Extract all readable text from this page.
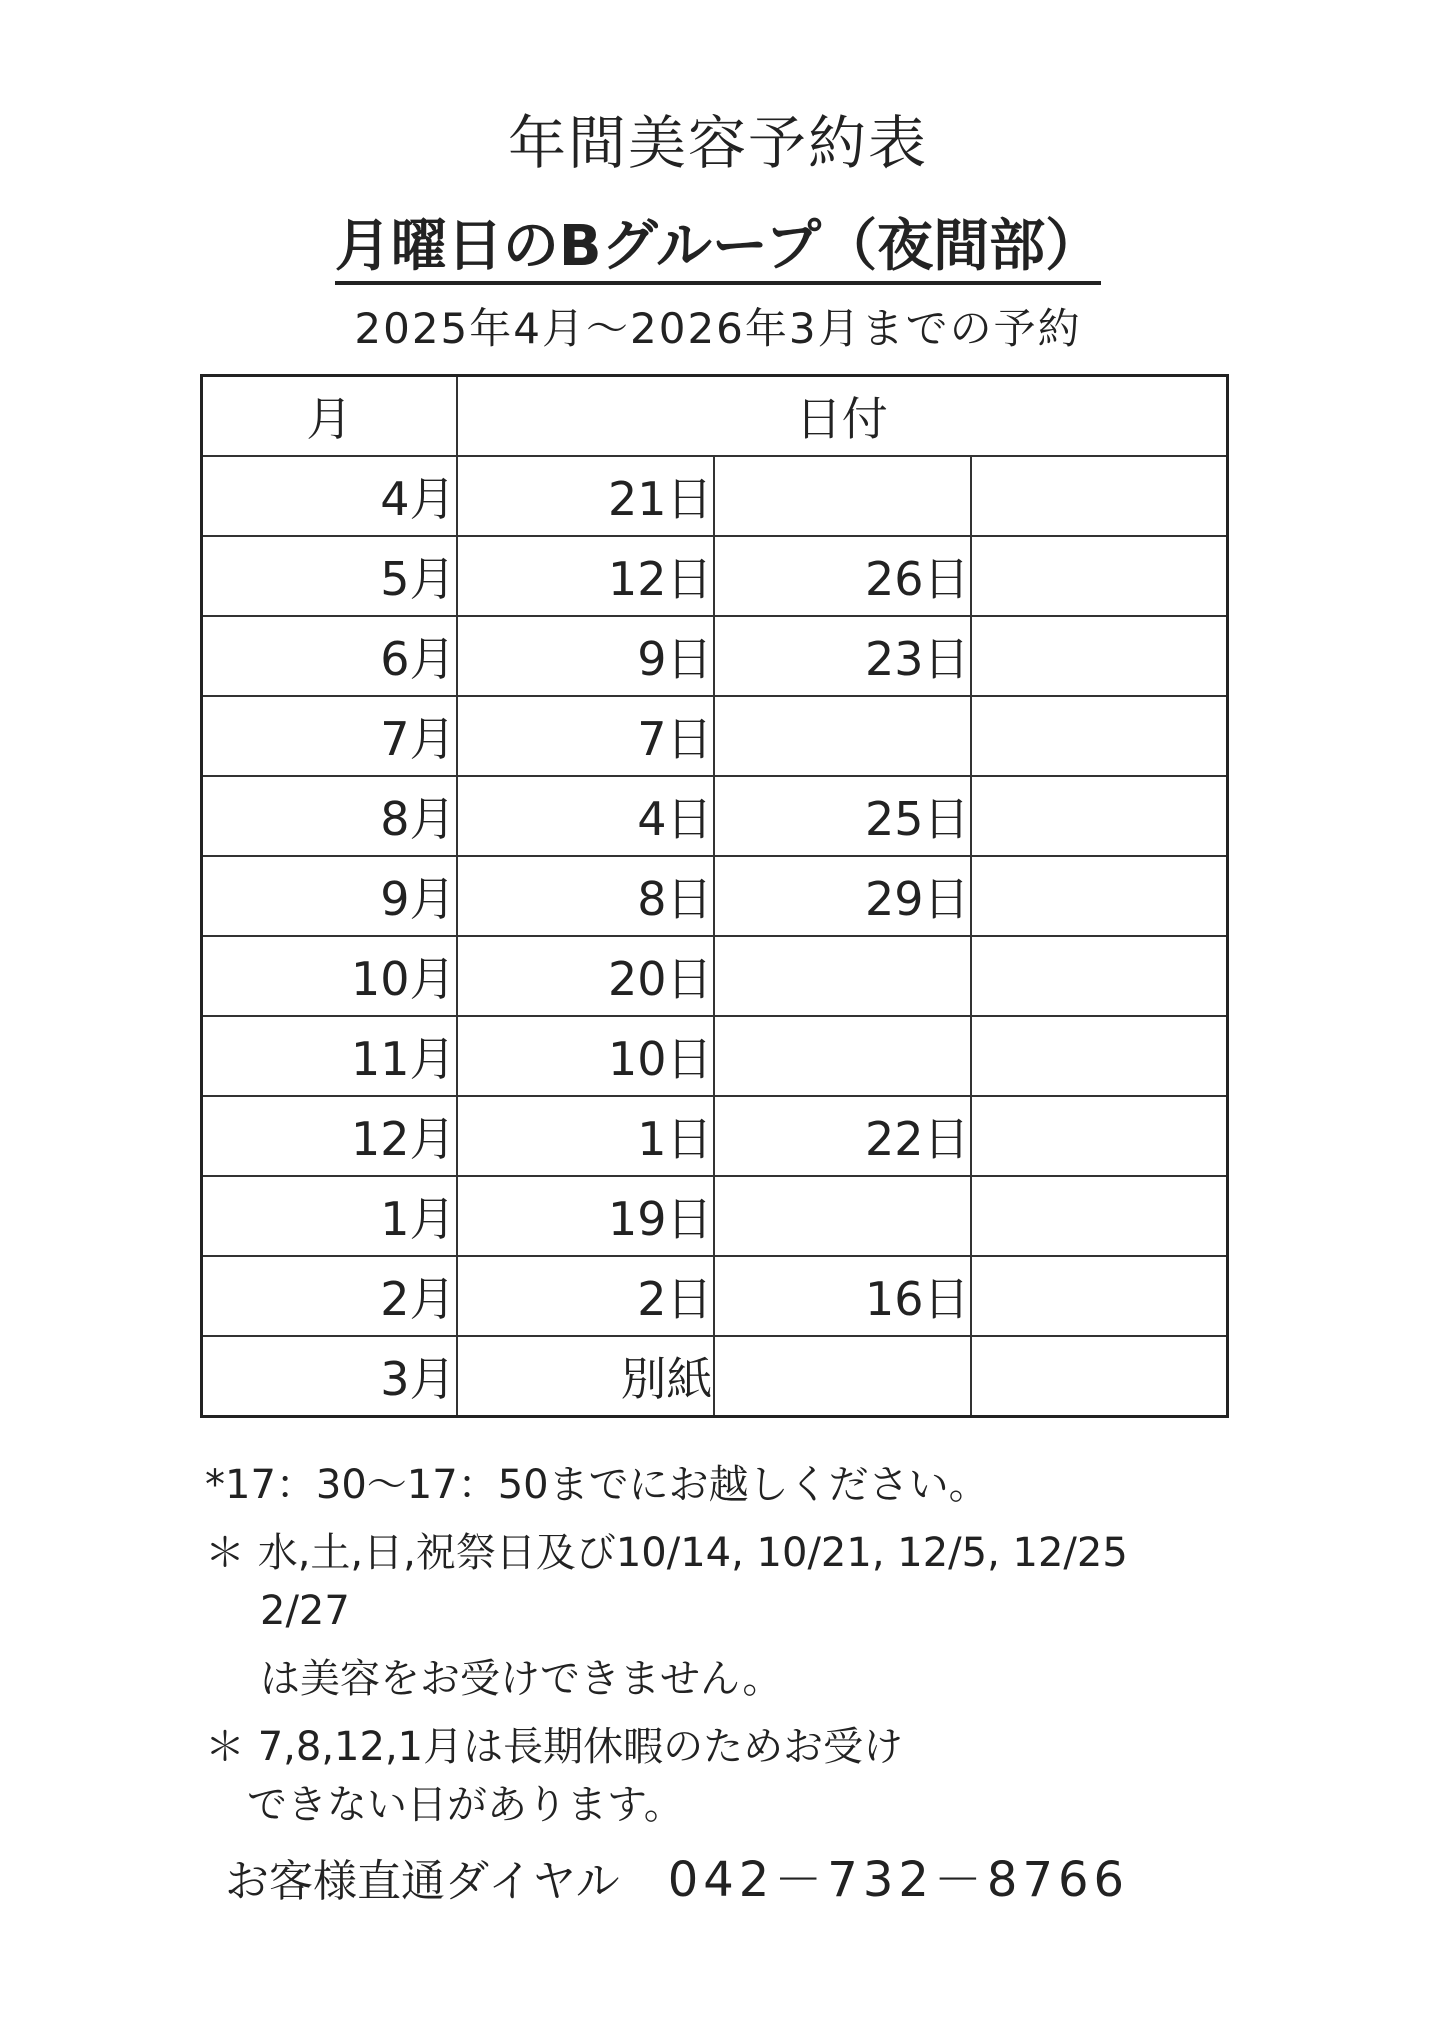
年間美容予約表
月曜日のBグループ（夜間部）
2025年4月～2026年3月までの予約
月	日付		
4月	21日		
5月	12日	26日	
6月	9日	23日	
7月	7日		
8月	4日	25日	
9月	8日	29日	
10月	20日		
11月	10日		
12月	1日	22日	
1月	19日		
2月	2日	16日	
3月	別紙		

*17：30～17：50までにお越しください。

＊ 水,土,日,祝祭日及び10/14, 10/21, 12/5, 12/25

2/27

は美容をお受けできません。

＊ 7,8,12,1月は長期休暇のためお受け

できない日があります。

お客様直通ダイヤル 042－732－8766
